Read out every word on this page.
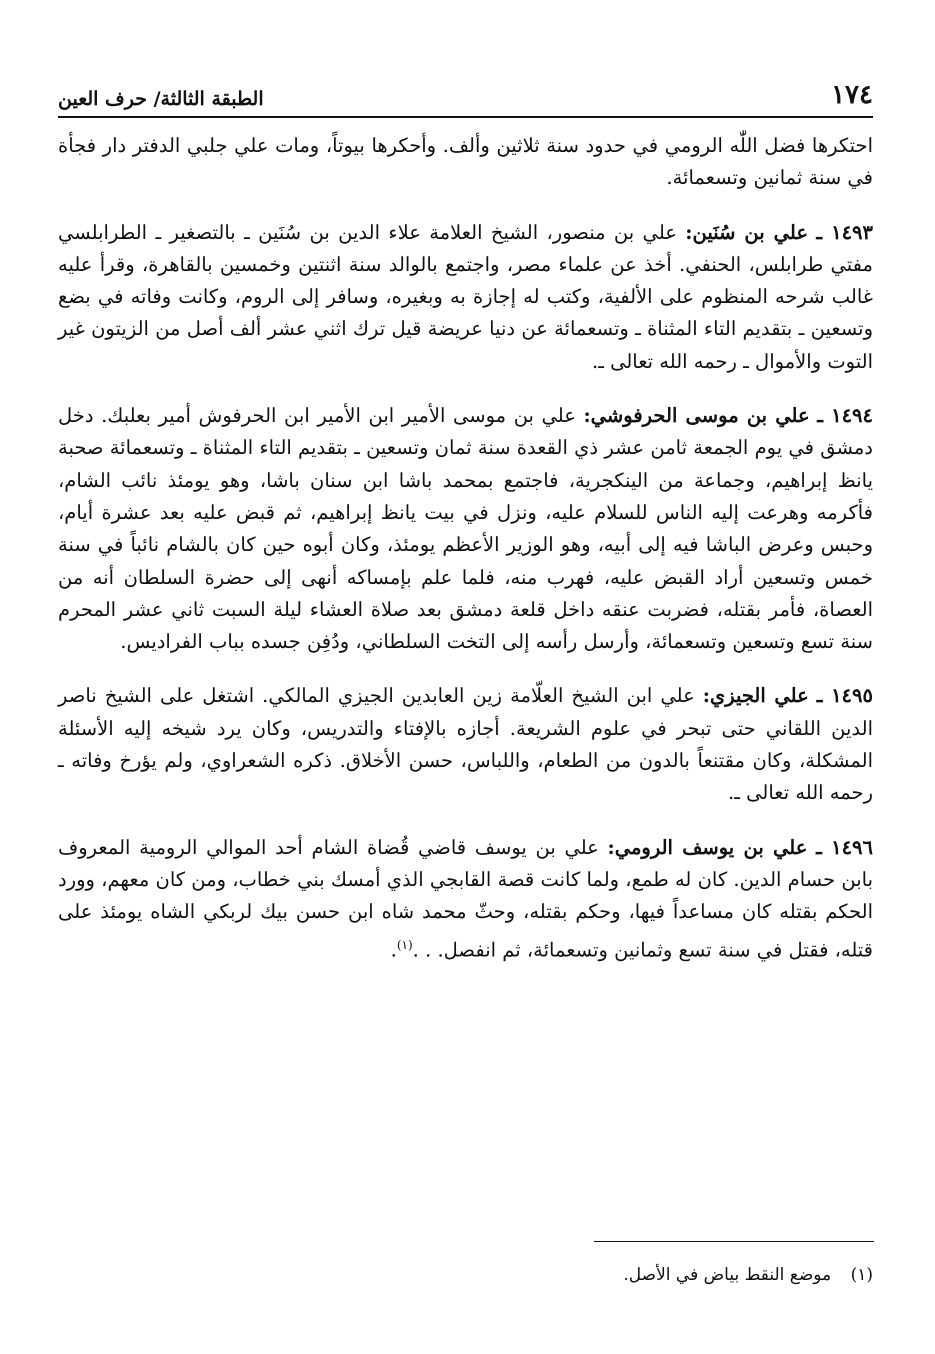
١٧٤
الطبقة الثالثة/ حرف العين

احتكرها فضل اللّٰه الرومي في حدود سنة ثلاثين وألف. وأحكرها بيوتاً، ومات علي جلبي الدفتر دار فجأة في سنة ثمانين وتسعمائة.

١٤٩٣ ـ علي بن سُنَين: علي بن منصور، الشيخ العلامة علاء الدين بن سُنَين ـ بالتصغير ـ الطرابلسي مفتي طرابلس، الحنفي. أخذ عن علماء مصر، واجتمع بالوالد سنة اثنتين وخمسين بالقاهرة، وقرأ عليه غالب شرحه المنظوم على الألفية، وكتب له إجازة به وبغيره، وسافر إلى الروم، وكانت وفاته في بضع وتسعين ـ بتقديم التاء المثناة ـ وتسعمائة عن دنيا عريضة قيل ترك اثني عشر ألف أصل من الزيتون غير التوت والأموال ـ رحمه الله تعالى ـ.

١٤٩٤ ـ علي بن موسى الحرفوشي: علي بن موسى الأمير ابن الأمير ابن الحرفوش أمير بعلبك. دخل دمشق في يوم الجمعة ثامن عشر ذي القعدة سنة ثمان وتسعين ـ بتقديم التاء المثناة ـ وتسعمائة صحبة يانظ إبراهيم، وجماعة من الينكجرية، فاجتمع بمحمد باشا ابن سنان باشا، وهو يومئذ نائب الشام، فأكرمه وهرعت إليه الناس للسلام عليه، ونزل في بيت يانظ إبراهيم، ثم قبض عليه بعد عشرة أيام، وحبس وعرض الباشا فيه إلى أبيه، وهو الوزير الأعظم يومئذ، وكان أبوه حين كان بالشام نائباً في سنة خمس وتسعين أراد القبض عليه، فهرب منه، فلما علم بإمساكه أنهى إلى حضرة السلطان أنه من العصاة، فأمر بقتله، فضربت عنقه داخل قلعة دمشق بعد صلاة العشاء ليلة السبت ثاني عشر المحرم سنة تسع وتسعين وتسعمائة، وأرسل رأسه إلى التخت السلطاني، ودُفِن جسده بباب الفراديس.

١٤٩٥ ـ علي الجيزي: علي ابن الشيخ العلّامة زين العابدين الجيزي المالكي. اشتغل على الشيخ ناصر الدين اللقاني حتى تبحر في علوم الشريعة. أجازه بالإفتاء والتدريس، وكان يرد شيخه إليه الأسئلة المشكلة، وكان مقتنعاً بالدون من الطعام، واللباس، حسن الأخلاق. ذكره الشعراوي، ولم يؤرخ وفاته ـ رحمه الله تعالى ـ.

١٤٩٦ ـ علي بن يوسف الرومي: علي بن يوسف قاضي قُضاة الشام أحد الموالي الرومية المعروف بابن حسام الدين. كان له طمع، ولما كانت قصة القابجي الذي أمسك بني خطاب، ومن كان معهم، وورد الحكم بقتله كان مساعداً فيها، وحكم بقتله، وحثّ محمد شاه ابن حسن بيك لربكي الشاه يومئذ على قتله، فقتل في سنة تسع وثمانين وتسعمائة، ثم انفصل. . .$^{(١)}$.

(١) موضع النقط بياض في الأصل.
